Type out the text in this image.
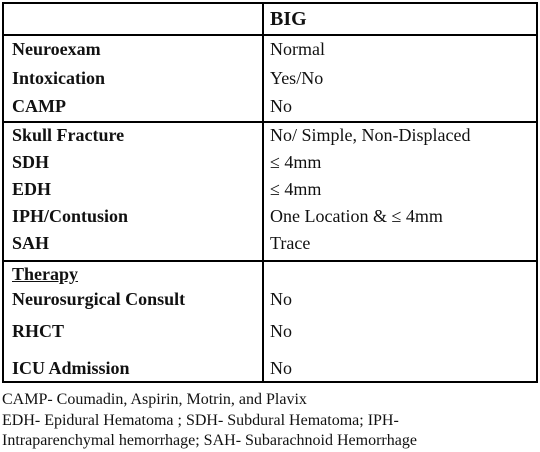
BIG
Neuroexam	Normal
Intoxication	Yes/No
CAMP	No
Skull Fracture	No/ Simple, Non-Displaced
SDH	≤ 4mm
EDH	≤ 4mm
IPH/Contusion	One Location & ≤ 4mm
SAH	Trace
Therapy
Neurosurgical Consult	No
RHCT	No
ICU Admission	No
CAMP- Coumadin, Aspirin, Motrin, and Plavix
EDH- Epidural Hematoma ; SDH- Subdural Hematoma; IPH-
Intraparenchymal hemorrhage; SAH- Subarachnoid Hemorrhage
